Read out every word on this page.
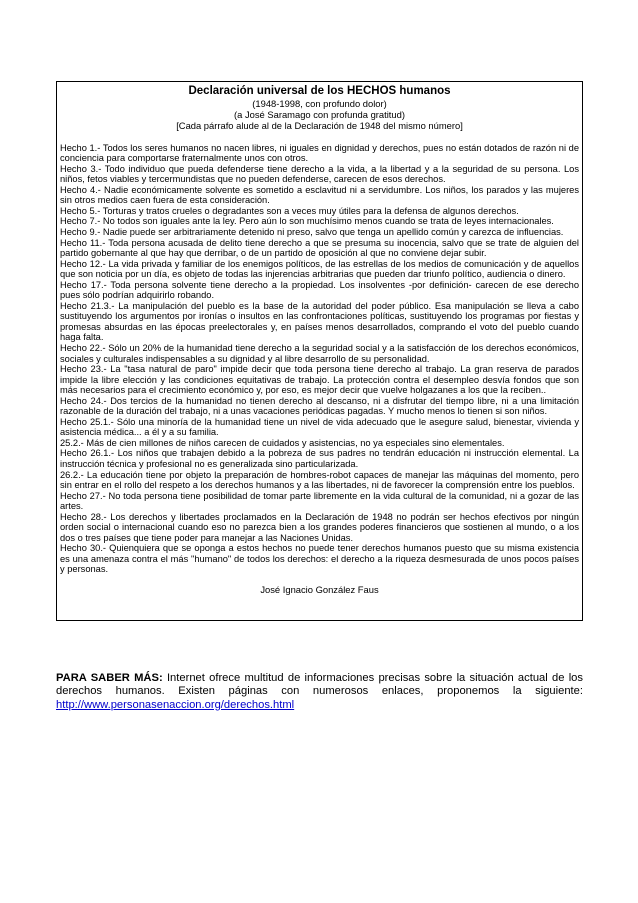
Declaración universal de los HECHOS humanos
(1948-1998, con profundo dolor)
(a José Saramago con profunda gratitud)
[Cada párrafo alude al de la Declaración de 1948 del mismo número]

Hecho 1.- Todos los seres humanos no nacen libres, ni iguales en dignidad y derechos, pues no están dotados de razón ni de conciencia para comportarse fraternalmente unos con otros.

Hecho 3.- Todo individuo que pueda defenderse tiene derecho a la vida, a la libertad y a la seguridad de su persona. Los niños, fetos viables y tercermundistas que no pueden defenderse, carecen de esos derechos.

Hecho 4.- Nadie económicamente solvente es sometido a esclavitud ni a servidumbre. Los niños, los parados y las mujeres sin otros medios caen fuera de esta consideración.

Hecho 5.- Torturas y tratos crueles o degradantes son a veces muy útiles para la defensa de algunos derechos.

Hecho 7.- No todos son iguales ante la ley. Pero aún lo son muchísimo menos cuando se trata de leyes internacionales.

Hecho 9.- Nadie puede ser arbitrariamente detenido ni preso, salvo que tenga un apellido común y carezca de influencias.

Hecho 11.- Toda persona acusada de delito tiene derecho a que se presuma su inocencia, salvo que se trate de alguien del partido gobernante al que hay que derribar, o de un partido de oposición al que no conviene dejar subir.

Hecho 12.- La vida privada y familiar de los enemigos políticos, de las estrellas de los medios de comunicación y de aquellos que son noticia por un día, es objeto de todas las injerencias arbitrarias que pueden dar triunfo político, audiencia o dinero.

Hecho 17.- Toda persona solvente tiene derecho a la propiedad. Los insolventes -por definición- carecen de ese derecho pues sólo podrían adquirirlo robando.

Hecho 21.3.- La manipulación del pueblo es la base de la autoridad del poder público. Esa manipulación se lleva a cabo sustituyendo los argumentos por ironías o insultos en las confrontaciones políticas, sustituyendo los programas por fiestas y promesas absurdas en las épocas preelectorales y, en países menos desarrollados, comprando el voto del pueblo cuando haga falta.

Hecho 22.- Sólo un 20% de la humanidad tiene derecho a la seguridad social y a la satisfacción de los derechos económicos, sociales y culturales indispensables a su dignidad y al libre desarrollo de su personalidad.

Hecho 23.- La "tasa natural de paro" impide decir que toda persona tiene derecho al trabajo. La gran reserva de parados impide la libre elección y las condiciones equitativas de trabajo. La protección contra el desempleo desvía fondos que son más necesarios para el crecimiento económico y, por eso, es mejor decir que vuelve holgazanes a los que la reciben..

Hecho 24.- Dos tercios de la humanidad no tienen derecho al descanso, ni a disfrutar del tiempo libre, ni a una limitación razonable de la duración del trabajo, ni a unas vacaciones periódicas pagadas. Y mucho menos lo tienen si son niños.

Hecho 25.1.- Sólo una minoría de la humanidad tiene un nivel de vida adecuado que le asegure salud, bienestar, vivienda y asistencia médica... a él y a su familia.

25.2.- Más de cien millones de niños carecen de cuidados y asistencias, no ya especiales sino elementales.

Hecho 26.1.- Los niños que trabajen debido a la pobreza de sus padres no tendrán educación ni instrucción elemental. La instrucción técnica y profesional no es generalizada sino particularizada.

26.2.- La educación tiene por objeto la preparación de hombres-robot capaces de manejar las máquinas del momento, pero sin entrar en el rollo del respeto a los derechos humanos y a las libertades, ni de favorecer la comprensión entre los pueblos.

Hecho 27.- No toda persona tiene posibilidad de tomar parte libremente en la vida cultural de la comunidad, ni a gozar de las artes.

Hecho 28.- Los derechos y libertades proclamados en la Declaración de 1948 no podrán ser hechos efectivos por ningún orden social o internacional cuando eso no parezca bien a los grandes poderes financieros que sostienen al mundo, o a los dos o tres países que tiene poder para manejar a las Naciones Unidas.

Hecho 30.- Quienquiera que se oponga a estos hechos no puede tener derechos humanos puesto que su misma existencia es una amenaza contra el más "humano" de todos los derechos: el derecho a la riqueza desmesurada de unos pocos países y personas.

José Ignacio González Faus
PARA SABER MÁS: Internet ofrece multitud de informaciones precisas sobre la situación actual de los derechos humanos. Existen páginas con numerosos enlaces, proponemos la siguiente: http://www.personasenaccion.org/derechos.html
